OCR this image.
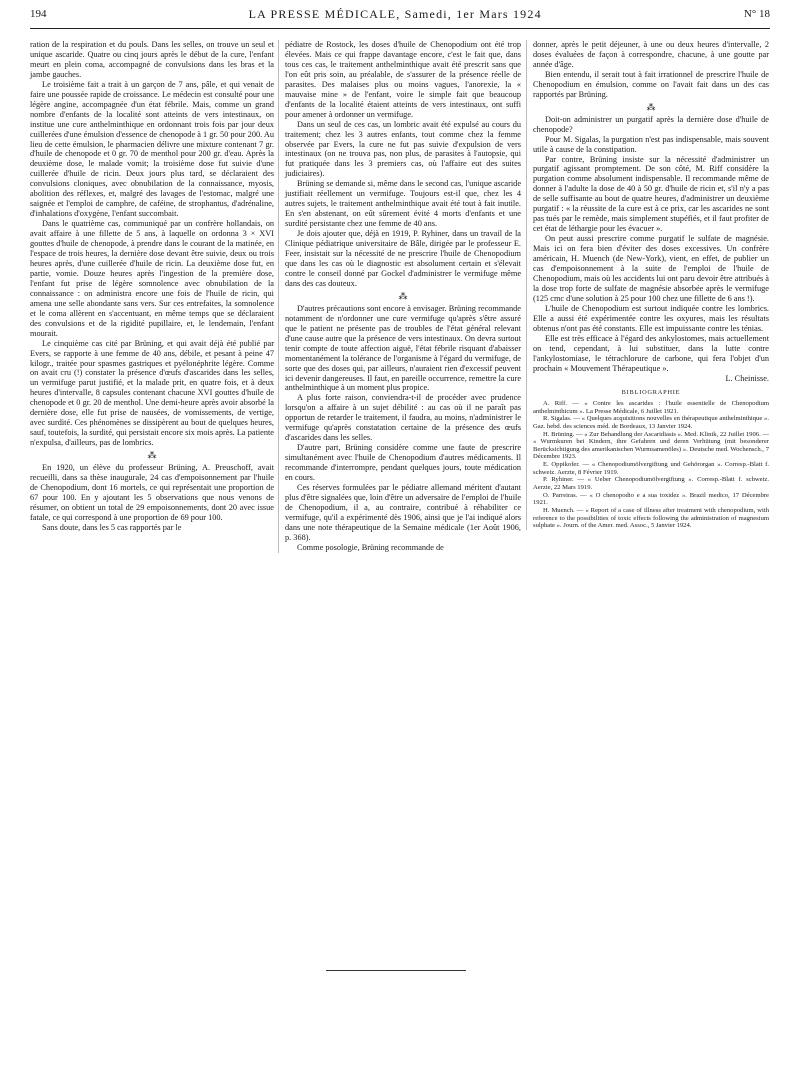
194	LA PRESSE MÉDICALE, Samedi, 1er Mars 1924	N° 18

ration de la respiration et du pouls. Dans les selles, on trouve un seul et unique ascaride. Quatre ou cinq jours après le début de la cure, l'enfant meurt en plein coma, accompagné de convulsions dans les bras et la jambe gauches.

Le troisième fait a trait à un garçon de 7 ans, pâle, et qui venait de faire une poussée rapide de croissance. Le médecin est consulté pour une légère angine, accompagnée d'un état fébrile. Mais, comme un grand nombre d'enfants de la localité sont atteints de vers intestinaux, on institue une cure anthelminthique en ordonnant trois fois par jour deux cuillerées d'une émulsion d'essence de chenopode à 1 gr. 50 pour 200. Au lieu de cette émulsion, le pharmacien délivre une mixture contenant 7 gr. d'huile de chenopode et 0 gr. 70 de menthol pour 200 gr. d'eau. Après la deuxième dose, le malade vomit; la troisième dose fut suivie d'une cuillerée d'huile de ricin. Deux jours plus tard, se déclaraient des convulsions cloniques, avec obnubilation de la connaissance, myosis, abolition des réflexes, et, malgré des lavages de l'estomac, malgré une saignée et l'emploi de camphre, de caféine, de strophantus, d'adrénaline, d'inhalations d'oxygène, l'enfant succombait.

Dans le quatrième cas, communiqué par un confrère hollandais, on avait affaire à une fillette de 5 ans, à laquelle on ordonna 3 × XVI gouttes d'huile de chenopode, à prendre dans le courant de la matinée, en l'espace de trois heures, la dernière dose devant être suivie, deux ou trois heures après, d'une cuillerée d'huile de ricin. La deuxième dose fut, en partie, vomie. Douze heures après l'ingestion de la première dose, l'enfant fut prise de légère somnolence avec obnubilation de la connaissance : on administra encore une fois de l'huile de ricin, qui amena une selle abondante sans vers. Sur ces entrefaites, la somnolence et le coma allèrent en s'accentuant, en même temps que se déclaraient des convulsions et de la rigidité pupillaire, et, le lendemain, l'enfant mourait.

Le cinquième cas cité par Brüning, et qui avait déjà été publié par Evers, se rapporte à une femme de 40 ans, débile, et pesant à peine 47 kilogr., traitée pour spasmes gastriques et pyélonéphrite légère. Comme on avait cru (!) constater la présence d'œufs d'ascarides dans les selles, un vermifuge parut justifié, et la malade prit, en quatre fois, et à deux heures d'intervalle, 8 capsules contenant chacune XVI gouttes d'huile de chenopode et 0 gr. 20 de menthol. Une demi-heure après avoir absorbé la dernière dose, elle fut prise de nausées, de vomissements, de vertige, avec surdité. Ces phénomènes se dissipèrent au bout de quelques heures, sauf, toutefois, la surdité, qui persistait encore six mois après. La patiente n'expulsa, d'ailleurs, pas de lombrics.

⁂

En 1920, un élève du professeur Brüning, A. Preuschoff, avait recueilli, dans sa thèse inaugurale, 24 cas d'empoisonnement par l'huile de Chenopodium, dont 16 mortels, ce qui représentait une proportion de 67 pour 100. En y ajoutant les 5 observations que nous venons de résumer, on obtient un total de 29 empoisonnements, dont 20 avec issue fatale, ce qui correspond à une proportion de 69 pour 100.

Sans doute, dans les 5 cas rapportés par le

pédiatre de Rostock, les doses d'huile de Chenopodium ont été trop élevées. Mais ce qui frappe davantage encore, c'est le fait que, dans tous ces cas, le traitement anthelminthique avait été prescrit sans que l'on eût pris soin, au préalable, de s'assurer de la présence réelle de parasites. Des malaises plus ou moins vagues, l'anorexie, la « mauvaise mine » de l'enfant, voire le simple fait que beaucoup d'enfants de la localité étaient atteints de vers intestinaux, ont suffi pour amener à ordonner un vermifuge.

Dans un seul de ces cas, un lombric avait été expulsé au cours du traitement; chez les 3 autres enfants, tout comme chez la femme observée par Evers, la cure ne fut pas suivie d'expulsion de vers intestinaux (on ne trouva pas, non plus, de parasites à l'autopsie, qui fut pratiquée dans les 3 premiers cas, où l'affaire eut des suites judiciaires).

Brüning se demande si, même dans le second cas, l'unique ascaride justifiait réellement un vermifuge. Toujours est-il que, chez les 4 autres sujets, le traitement anthelminthique avait été tout à fait inutile. En s'en abstenant, on eût sûrement évité 4 morts d'enfants et une surdité persistante chez une femme de 40 ans.

Je dois ajouter que, déjà en 1919, P. Ryhiner, dans un travail de la Clinique pédiatrique universitaire de Bâle, dirigée par le professeur E. Feer, insistait sur la nécessité de ne prescrire l'huile de Chenopodium que dans les cas où le diagnostic est absolument certain et s'élevait contre le conseil donné par Gockel d'administrer le vermifuge même dans des cas douteux.

⁂

D'autres précautions sont encore à envisager. Brüning recommande notamment de n'ordonner une cure vermifuge qu'après s'être assuré que le patient ne présente pas de troubles de l'état général relevant d'une cause autre que la présence de vers intestinaux. On devra surtout tenir compte de toute affection aiguë, l'état fébrile risquant d'abaisser momentanément la tolérance de l'organisme à l'égard du vermifuge, de sorte que des doses qui, par ailleurs, n'auraient rien d'excessif peuvent ici devenir dangereuses. Il faut, en pareille occurrence, remettre la cure anthelminthique à un moment plus propice.

A plus forte raison, conviendra-t-il de procéder avec prudence lorsqu'on a affaire à un sujet débilité : au cas où il ne paraît pas opportun de retarder le traitement, il faudra, au moins, n'administrer le vermifuge qu'après constatation certaine de la présence des œufs d'ascarides dans les selles.

D'autre part, Brüning considère comme une faute de prescrire simultanément avec l'huile de Chenopodium d'autres médicaments. Il recommande d'interrompre, pendant quelques jours, toute médication en cours.

Ces réserves formulées par le pédiatre allemand méritent d'autant plus d'être signalées que, loin d'être un adversaire de l'emploi de l'huile de Chenopodium, il a, au contraire, contribué à réhabiliter ce vermifuge, qu'il a expérimenté dès 1906, ainsi que je l'ai indiqué alors dans une note thérapeutique de la Semaine médicale (1er Août 1906, p. 368).

Comme posologie, Brüning recommande de

donner, après le petit déjeuner, à une ou deux heures d'intervalle, 2 doses évaluées de façon à correspondre, chacune, à une goutte par année d'âge.

Bien entendu, il serait tout à fait irrationnel de prescrire l'huile de Chenopodium en émulsion, comme on l'avait fait dans un des cas rapportés par Brüning.

⁂

Doit-on administrer un purgatif après la dernière dose d'huile de chenopode?

Pour M. Sigalas, la purgation n'est pas indispensable, mais souvent utile à cause de la constipation.

Par contre, Brüning insiste sur la nécessité d'administrer un purgatif agissant promptement. De son côté, M. Riff considère la purgation comme absolument indispensable. Il recommande même de donner à l'adulte la dose de 40 à 50 gr. d'huile de ricin et, s'il n'y a pas de selle suffisante au bout de quatre heures, d'administrer un deuxième purgatif : « la réussite de la cure est à ce prix, car les ascarides ne sont pas tués par le remède, mais simplement stupéfiés, et il faut profiter de cet état de léthargie pour les évacuer ».

On peut aussi prescrire comme purgatif le sulfate de magnésie. Mais ici on fera bien d'éviter des doses excessives. Un confrère américain, H. Muench (de New-York), vient, en effet, de publier un cas d'empoisonnement à la suite de l'emploi de l'huile de Chenopodium, mais où les accidents lui ont paru devoir être attribués à la dose trop forte de sulfate de magnésie absorbée après le vermifuge (125 cmc d'une solution à 25 pour 100 chez une fillette de 6 ans !).

L'huile de Chenopodium est surtout indiquée contre les lombrics. Elle a aussi été expérimentée contre les oxyures, mais les résultats obtenus n'ont pas été constants. Elle est impuissante contre les ténias.

Elle est très efficace à l'égard des ankylostomes, mais actuellement on tend, cependant, à lui substituer, dans la lutte contre l'ankylostomiase, le tétrachlorure de carbone, qui fera l'objet d'un prochain « Mouvement Thérapeutique ».

L. Cheinisse.

BIBLIOGRAPHIE

A. Riff. — « Contre les ascarides : l'huile essentielle de Chenopodium anthelminthicum ». La Presse Médicale, 6 Juillet 1921.

R. Sigalas. — « Quelques acquisitions nouvelles en thérapeutique anthelminthique ». Gaz. hebd. des sciences méd. de Bordeaux, 13 Janvier 1924.

H. Brüning. — « Zur Behandlung der Ascaridiasis ». Med. Klinik, 22 Juillet 1906. — « Wurmkuren bei Kindern, ihre Gefahren und deren Verhütung (mit besonderer Berücksichtigung des amerikanischen Wurmsamenöles) ». Deutsche med. Wochensch., 7 Décembre 1923.

E. Oppikofer. — « Chenopodiumölvergiftung und Gehörorgan ». Corresp.-Blatt f. schweiz. Aerzte, 8 Février 1919.

P. Ryhiner. — « Ueber Chenopodiumölvergiftung ». Corresp.-Blatt f. schweiz. Aerzte, 22 Mars 1919.

O. Parreiras. — « O chenopodio e a sua toxidez ». Brazil medico, 17 Décembre 1921.

H. Muench. — « Report of a case of illness after treatment with chenopodium, with reference to the possibilities of toxic effects following the administration of magnesium sulphate ». Journ. of the Amer. med. Assoc., 5 Janvier 1924.
